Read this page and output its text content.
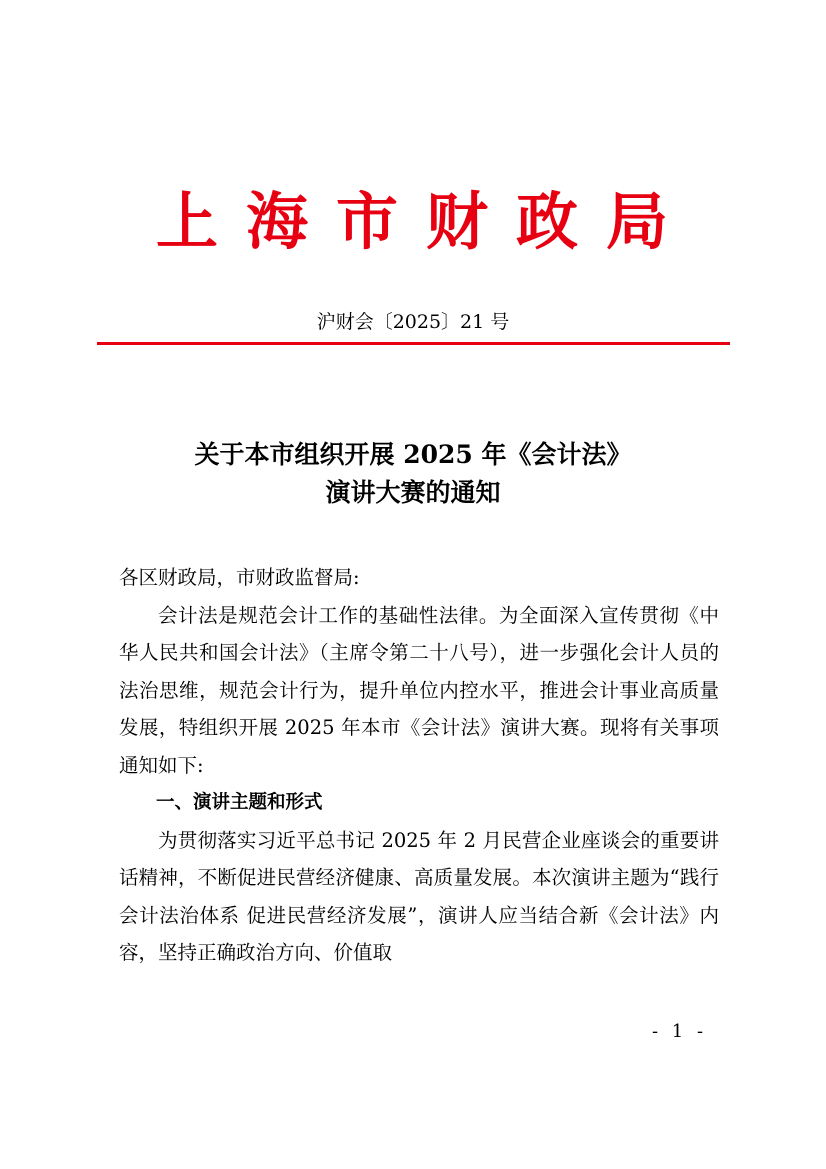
上海市财政局
沪财会〔2025〕21 号
关于本市组织开展 2025 年《会计法》
演讲大赛的通知

各区财政局，市财政监督局:

会计法是规范会计工作的基础性法律。为全面深入宣传贯彻《中华人民共和国会计法》（主席令第二十八号），进一步强化会计人员的法治思维，规范会计行为，提升单位内控水平，推进会计事业高质量发展，特组织开展 2025 年本市《会计法》演讲大赛。现将有关事项通知如下:

一、演讲主题和形式

为贯彻落实习近平总书记 2025 年 2 月民营企业座谈会的重要讲话精神，不断促进民营经济健康、高质量发展。本次演讲主题为“践行会计法治体系 促进民营经济发展”，演讲人应当结合新《会计法》内容，坚持正确政治方向、价值取

- 1 -
